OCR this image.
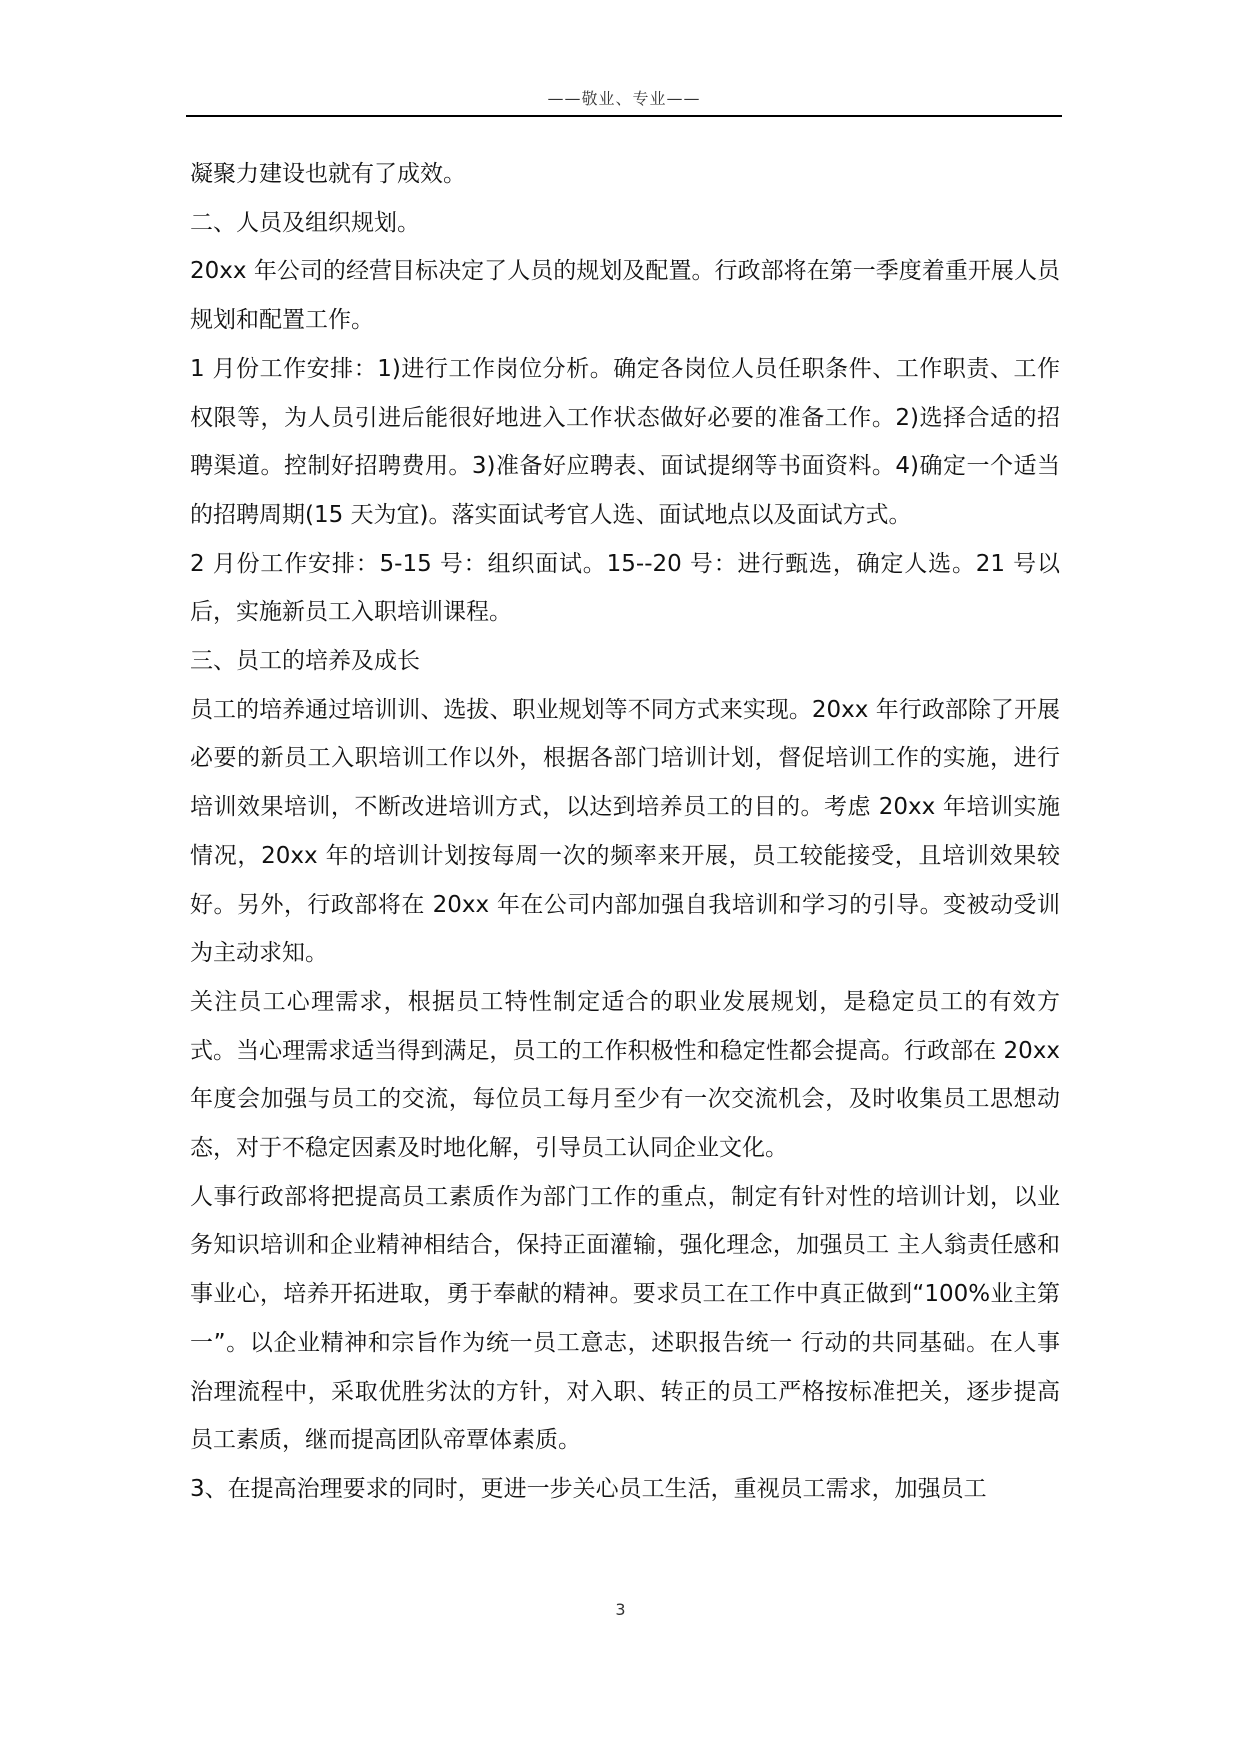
——敬业、专业——

凝聚力建设也就有了成效。

二、人员及组织规划。

20xx 年公司的经营目标决定了人员的规划及配置。行政部将在第一季度着重开展人员规划和配置工作。

1 月份工作安排：1)进行工作岗位分析。确定各岗位人员任职条件、工作职责、工作权限等，为人员引进后能很好地进入工作状态做好必要的准备工作。2)选择合适的招聘渠道。控制好招聘费用。3)准备好应聘表、面试提纲等书面资料。4)确定一个适当的招聘周期(15 天为宜)。落实面试考官人选、面试地点以及面试方式。

2 月份工作安排：5-15 号：组织面试。15--20 号：进行甄选，确定人选。21 号以后，实施新员工入职培训课程。

三、员工的培养及成长

员工的培养通过培训训、选拔、职业规划等不同方式来实现。20xx 年行政部除了开展必要的新员工入职培训工作以外，根据各部门培训计划，督促培训工作的实施，进行培训效果培训，不断改进培训方式，以达到培养员工的目的。考虑 20xx 年培训实施情况，20xx 年的培训计划按每周一次的频率来开展，员工较能接受，且培训效果较好。另外，行政部将在 20xx 年在公司内部加强自我培训和学习的引导。变被动受训为主动求知。

关注员工心理需求，根据员工特性制定适合的职业发展规划，是稳定员工的有效方式。当心理需求适当得到满足，员工的工作积极性和稳定性都会提高。行政部在 20xx 年度会加强与员工的交流，每位员工每月至少有一次交流机会，及时收集员工思想动态，对于不稳定因素及时地化解，引导员工认同企业文化。

人事行政部将把提高员工素质作为部门工作的重点，制定有针对性的培训计划，以业务知识培训和企业精神相结合，保持正面灌输，强化理念，加强员工 主人翁责任感和事业心，培养开拓进取，勇于奉献的精神。要求员工在工作中真正做到“100%业主第一”。以企业精神和宗旨作为统一员工意志，述职报告统一 行动的共同基础。在人事治理流程中，采取优胜劣汰的方针，对入职、转正的员工严格按标准把关，逐步提高员工素质，继而提高团队帝覃体素质。

3、在提高治理要求的同时，更进一步关心员工生活，重视员工需求，加强员工

3
